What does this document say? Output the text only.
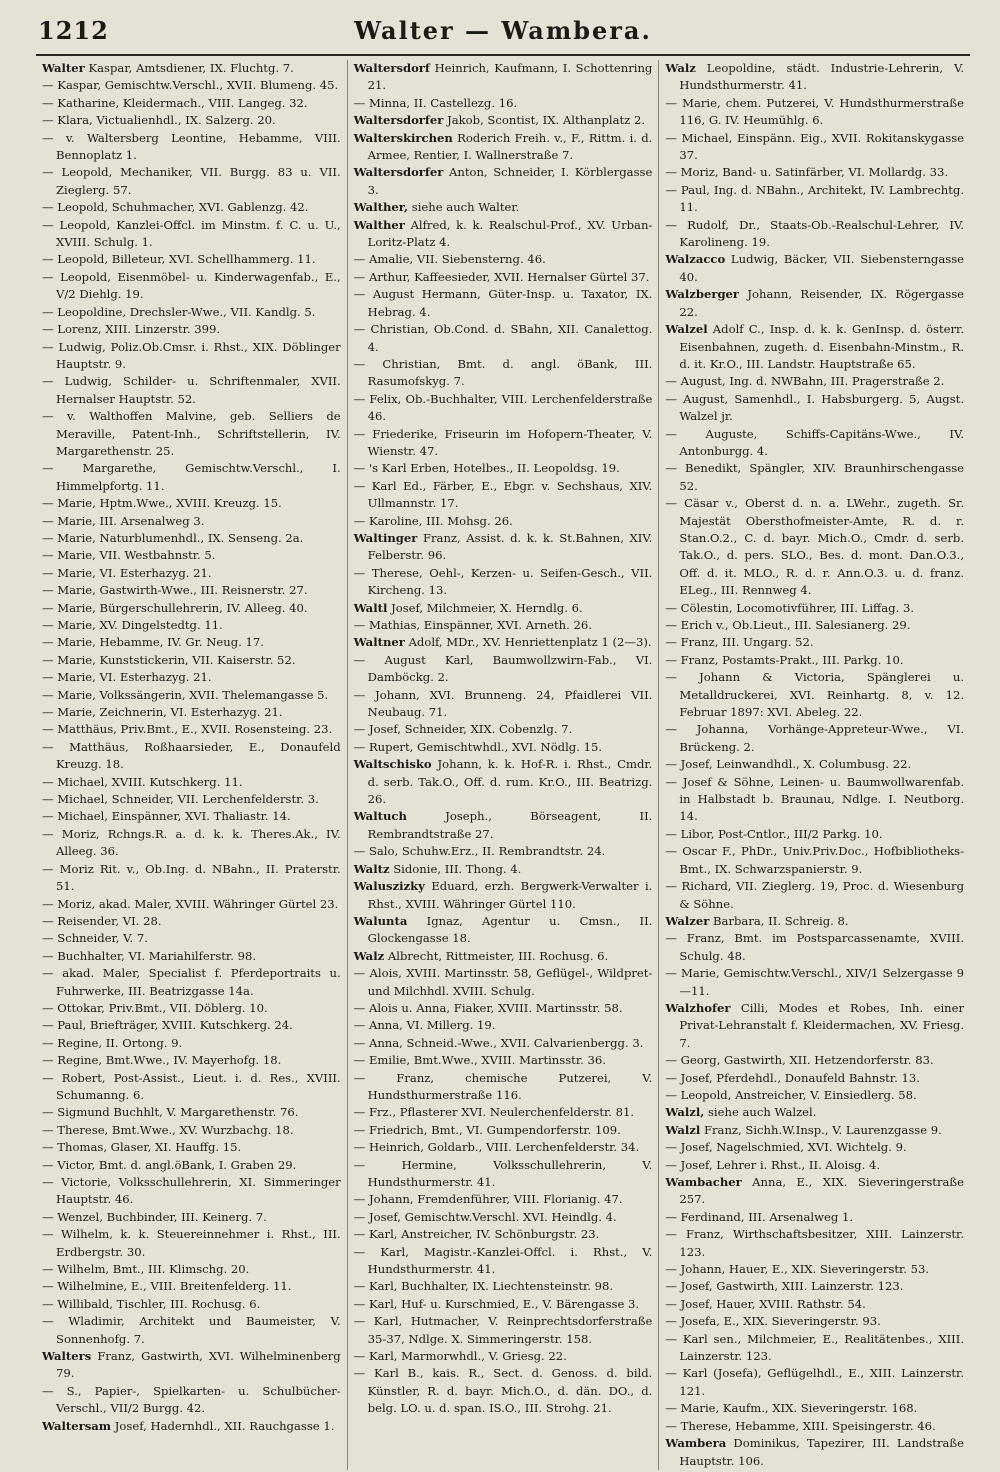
1212	Walter — Wambera.

Walter Kaspar, Amtsdiener, IX. Fluchtg. 7.

— Kaspar, Gemischtw.Verschl., XVII. Blumeng. 45.

— Katharine, Kleidermach., VIII. Langeg. 32.

— Klara, Victualienhdl., IX. Salzerg. 20.

— v. Waltersberg Leontine, Hebamme, VIII. Bennoplatz 1.

— Leopold, Mechaniker, VII. Burgg. 83 u. VII. Zieglerg. 57.

— Leopold, Schuhmacher, XVI. Gablenzg. 42.

— Leopold, Kanzlei-Offcl. im Minstm. f. C. u. U., XVIII. Schulg. 1.

— Leopold, Billeteur, XVI. Schellhammerg. 11.

— Leopold, Eisenmöbel- u. Kinderwagenfab., E., V/2 Diehlg. 19.

— Leopoldine, Drechsler-Wwe., VII. Kandlg. 5.

— Lorenz, XIII. Linzerstr. 399.

— Ludwig, Poliz.Ob.Cmsr. i. Rhst., XIX. Döblinger Hauptstr. 9.

— Ludwig, Schilder- u. Schriftenmaler, XVII. Hernalser Hauptstr. 52.

— v. Walthoffen Malvine, geb. Selliers de Meraville, Patent-Inh., Schriftstellerin, IV. Margarethenstr. 25.

— Margarethe, Gemischtw.Verschl., I. Himmelpfortg. 11.

— Marie, Hptm.Wwe., XVIII. Kreuzg. 15.

— Marie, III. Arsenalweg 3.

— Marie, Naturblumenhdl., IX. Senseng. 2a.

— Marie, VII. Westbahnstr. 5.

— Marie, VI. Esterhazyg. 21.

— Marie, Gastwirth-Wwe., III. Reisnerstr. 27.

— Marie, Bürgerschullehrerin, IV. Alleeg. 40.

— Marie, XV. Dingelstedtg. 11.

— Marie, Hebamme, IV. Gr. Neug. 17.

— Marie, Kunststickerin, VII. Kaiserstr. 52.

— Marie, VI. Esterhazyg. 21.

— Marie, Volkssängerin, XVII. Thelemangasse 5.

— Marie, Zeichnerin, VI. Esterhazyg. 21.

— Matthäus, Priv.Bmt., E., XVII. Rosensteing. 23.

— Matthäus, Roßhaarsieder, E., Donaufeld Kreuzg. 18.

— Michael, XVIII. Kutschkerg. 11.

— Michael, Schneider, VII. Lerchenfelderstr. 3.

— Michael, Einspänner, XVI. Thaliastr. 14.

— Moriz, Rchngs.R. a. d. k. k. Theres.Ak., IV. Alleeg. 36.

— Moriz Rit. v., Ob.Ing. d. NBahn., II. Praterstr. 51.

— Moriz, akad. Maler, XVIII. Währinger Gürtel 23.

— Reisender, VI. 28.

— Schneider, V. 7.

— Buchhalter, VI. Mariahilferstr. 98.

— akad. Maler, Specialist f. Pferdeportraits u. Fuhrwerke, III. Beatrizgasse 14a.

— Ottokar, Priv.Bmt., VII. Döblerg. 10.

— Paul, Briefträger, XVIII. Kutschkerg. 24.

— Regine, II. Ortong. 9.

— Regine, Bmt.Wwe., IV. Mayerhofg. 18.

— Robert, Post-Assist., Lieut. i. d. Res., XVIII. Schumanng. 6.

— Sigmund Buchhlt, V. Margarethenstr. 76.

— Therese, Bmt.Wwe., XV. Wurzbachg. 18.

— Thomas, Glaser, XI. Hauffg. 15.

— Victor, Bmt. d. angl.öBank, I. Graben 29.

— Victorie, Volksschullehrerin, XI. Simmeringer Hauptstr. 46.

— Wenzel, Buchbinder, III. Keinerg. 7.

— Wilhelm, k. k. Steuereinnehmer i. Rhst., III. Erdbergstr. 30.

— Wilhelm, Bmt., III. Klimschg. 20.

— Wilhelmine, E., VIII. Breitenfelderg. 11.

— Willibald, Tischler, III. Rochusg. 6.

— Wladimir, Architekt und Baumeister, V. Sonnenhofg. 7.

Walters Franz, Gastwirth, XVI. Wilhelminenberg 79.

— S., Papier-, Spielkarten- u. Schulbücher-Verschl., VII/2 Burgg. 42.

Waltersam Josef, Hadernhdl., XII. Rauchgasse 1.

Waltersdorf Heinrich, Kaufmann, I. Schottenring 21.

— Minna, II. Castellezg. 16.

Waltersdorfer Jakob, Scontist, IX. Althanplatz 2.

Walterskirchen Roderich Freih. v., F., Rittm. i. d. Armee, Rentier, I. Wallnerstraße 7.

Waltersdorfer Anton, Schneider, I. Körblergasse 3.

Walther, siehe auch Walter.

Walther Alfred, k. k. Realschul-Prof., XV. Urban-Loritz-Platz 4.

— Amalie, VII. Siebensterng. 46.

— Arthur, Kaffeesieder, XVII. Hernalser Gürtel 37.

— August Hermann, Güter-Insp. u. Taxator, IX. Hebrag. 4.

— Christian, Ob.Cond. d. SBahn, XII. Canalettog. 4.

— Christian, Bmt. d. angl. öBank, III. Rasumofskyg. 7.

— Felix, Ob.-Buchhalter, VIII. Lerchenfelderstraße 46.

— Friederike, Friseurin im Hofopern-Theater, V. Wienstr. 47.

— 's Karl Erben, Hotelbes., II. Leopoldsg. 19.

— Karl Ed., Färber, E., Ebgr. v. Sechshaus, XIV. Ullmannstr. 17.

— Karoline, III. Mohsg. 26.

Waltinger Franz, Assist. d. k. k. St.Bahnen, XIV. Felberstr. 96.

— Therese, Oehl-, Kerzen- u. Seifen-Gesch., VII. Kircheng. 13.

Waltl Josef, Milchmeier, X. Herndlg. 6.

— Mathias, Einspänner, XVI. Arneth. 26.

Waltner Adolf, MDr., XV. Henriettenplatz 1 (2—3).

— August Karl, Baumwollzwirn-Fab., VI. Damböckg. 2.

— Johann, XVI. Brunneng. 24, Pfaidlerei VII. Neubaug. 71.

— Josef, Schneider, XIX. Cobenzlg. 7.

— Rupert, Gemischtwhdl., XVI. Nödlg. 15.

Waltschisko Johann, k. k. Hof-R. i. Rhst., Cmdr. d. serb. Tak.O., Off. d. rum. Kr.O., III. Beatrizg. 26.

Waltuch	Joseph., Börseagent, II. Rembrandtstraße 27.

— Salo, Schuhw.Erz., II. Rembrandtstr. 24.

Waltz Sidonie, III. Thong. 4.

Waluszizky Eduard, erzh. Bergwerk-Verwalter i. Rhst., XVIII. Währinger Gürtel 110.

Walunta Ignaz, Agentur u. Cmsn., II. Glockengasse 18.

Walz Albrecht, Rittmeister, III. Rochusg. 6.

— Alois, XVIII. Martinsstr. 58, Geflügel-, Wildpret- und Milchhdl. XVIII. Schulg.

— Alois u. Anna, Fiaker, XVIII. Martinsstr. 58.

— Anna, VI. Millerg. 19.

— Anna, Schneid.-Wwe., XVII. Calvarienbergg. 3.

— Emilie, Bmt.Wwe., XVIII. Martinsstr. 36.

— Franz, chemische Putzerei, V. Hundsthurmerstraße 116.

— Frz., Pflasterer XVI. Neulerchenfelderstr. 81.

— Friedrich, Bmt., VI. Gumpendorferstr. 109.

— Heinrich, Goldarb., VIII. Lerchenfelderstr. 34.

— Hermine, Volksschullehrerin, V. Hundsthurmerstr. 41.

— Johann, Fremdenführer, VIII. Florianig. 47.

— Josef, Gemischtw.Verschl. XVI. Heindlg. 4.

— Karl, Anstreicher, IV. Schönburgstr. 23.

— Karl, Magistr.-Kanzlei-Offcl. i. Rhst., V. Hundsthurmerstr. 41.

— Karl, Buchhalter, IX. Liechtensteinstr. 98.

— Karl, Huf- u. Kurschmied, E., V. Bärengasse 3.

— Karl, Hutmacher, V. Reinprechtsdorferstraße 35-37, Ndlge. X. Simmeringerstr. 158.

— Karl, Marmorwhdl., V. Griesg. 22.

— Karl B., kais. R., Sect. d. Genoss. d. bild. Künstler, R. d. bayr. Mich.O., d. dän. DO., d. belg. LO. u. d. span. IS.O., III. Strohg. 21.

Walz Leopoldine, städt. Industrie-Lehrerin, V. Hundsthurmerstr. 41.

— Marie, chem. Putzerei, V. Hundsthurmerstraße 116, G. IV. Heumühlg. 6.

— Michael, Einspänn. Eig., XVII. Rokitanskygasse 37.

— Moriz, Band- u. Satinfärber, VI. Mollardg. 33.

— Paul, Ing. d. NBahn., Architekt, IV. Lambrechtg. 11.

— Rudolf, Dr., Staats-Ob.-Realschul-Lehrer, IV. Karolineng. 19.

Walzacco Ludwig, Bäcker, VII. Siebensterngasse 40.

Walzberger Johann, Reisender, IX. Rögergasse 22.

Walzel Adolf C., Insp. d. k. k. GenInsp. d. österr. Eisenbahnen, zugeth. d. Eisenbahn-Minstm., R. d. it. Kr.O., III. Landstr. Hauptstraße 65.

— August, Ing. d. NWBahn, III. Pragerstraße 2.

— August, Samenhdl., I. Habsburgerg. 5, Augst. Walzel jr.

— Auguste, Schiffs-Capitäns-Wwe., IV. Antonburgg. 4.

— Benedikt, Spängler, XIV. Braunhirschengasse 52.

— Cäsar v., Oberst d. n. a. LWehr., zugeth. Sr. Majestät Obersthofmeister-Amte, R. d. r. Stan.O.2., C. d. bayr. Mich.O., Cmdr. d. serb. Tak.O., d. pers. SLO., Bes. d. mont. Dan.O.3., Off. d. it. MLO., R. d. r. Ann.O.3. u. d. franz. ELeg., III. Rennweg 4.

— Cölestin, Locomotivführer, III. Liffag. 3.

— Erich v., Ob.Lieut., III. Salesianerg. 29.

— Franz, III. Ungarg. 52.

— Franz, Postamts-Prakt., III. Parkg. 10.

— Johann & Victoria, Spänglerei u. Metalldruckerei, XVI. Reinhartg. 8, v. 12. Februar 1897: XVI. Abeleg. 22.

— Johanna, Vorhänge-Appreteur-Wwe., VI. Brückeng. 2.

— Josef, Leinwandhdl., X. Columbusg. 22.

— Josef & Söhne, Leinen- u. Baumwollwarenfab. in Halbstadt b. Braunau, Ndlge. I. Neutborg. 14.

— Libor, Post-Cntlor., III/2 Parkg. 10.

— Oscar F., PhDr., Univ.Priv.Doc., Hofbibliotheks-Bmt., IX. Schwarzspanierstr. 9.

— Richard, VII. Zieglerg. 19, Proc. d. Wiesenburg & Söhne.

Walzer Barbara, II. Schreig. 8.

— Franz, Bmt. im Postsparcassenamte, XVIII. Schulg. 48.

— Marie, Gemischtw.Verschl., XIV/1 Selzergasse 9—11.

Walzhofer Cilli, Modes et Robes, Inh. einer Privat-Lehranstalt f. Kleidermachen, XV. Friesg. 7.

— Georg, Gastwirth, XII. Hetzendorferstr. 83.

— Josef, Pferdehdl., Donaufeld Bahnstr. 13.

— Leopold, Anstreicher, V. Einsiedlerg. 58.

Walzl, siehe auch Walzel.

Walzl Franz, Sichh.W.Insp., V. Laurenzgasse 9.

— Josef, Nagelschmied, XVI. Wichtelg. 9.

— Josef, Lehrer i. Rhst., II. Aloisg. 4.

Wambacher Anna, E., XIX. Sieveringerstraße 257.

— Ferdinand, III. Arsenalweg 1.

— Franz, Wirthschaftsbesitzer, XIII. Lainzerstr. 123.

— Johann, Hauer, E., XIX. Sieveringerstr. 53.

— Josef, Gastwirth, XIII. Lainzerstr. 123.

— Josef, Hauer, XVIII. Rathstr. 54.

— Josefa, E., XIX. Sieveringerstr. 93.

— Karl sen., Milchmeier, E., Realitätenbes., XIII. Lainzerstr. 123.

— Karl (Josefa), Geflügelhdl., E., XIII. Lainzerstr. 121.

— Marie, Kaufm., XIX. Sieveringerstr. 168.

— Therese, Hebamme, XIII. Speisingerstr. 46.

Wambera Dominikus, Tapezirer, III. Landstraße Hauptstr. 106.
